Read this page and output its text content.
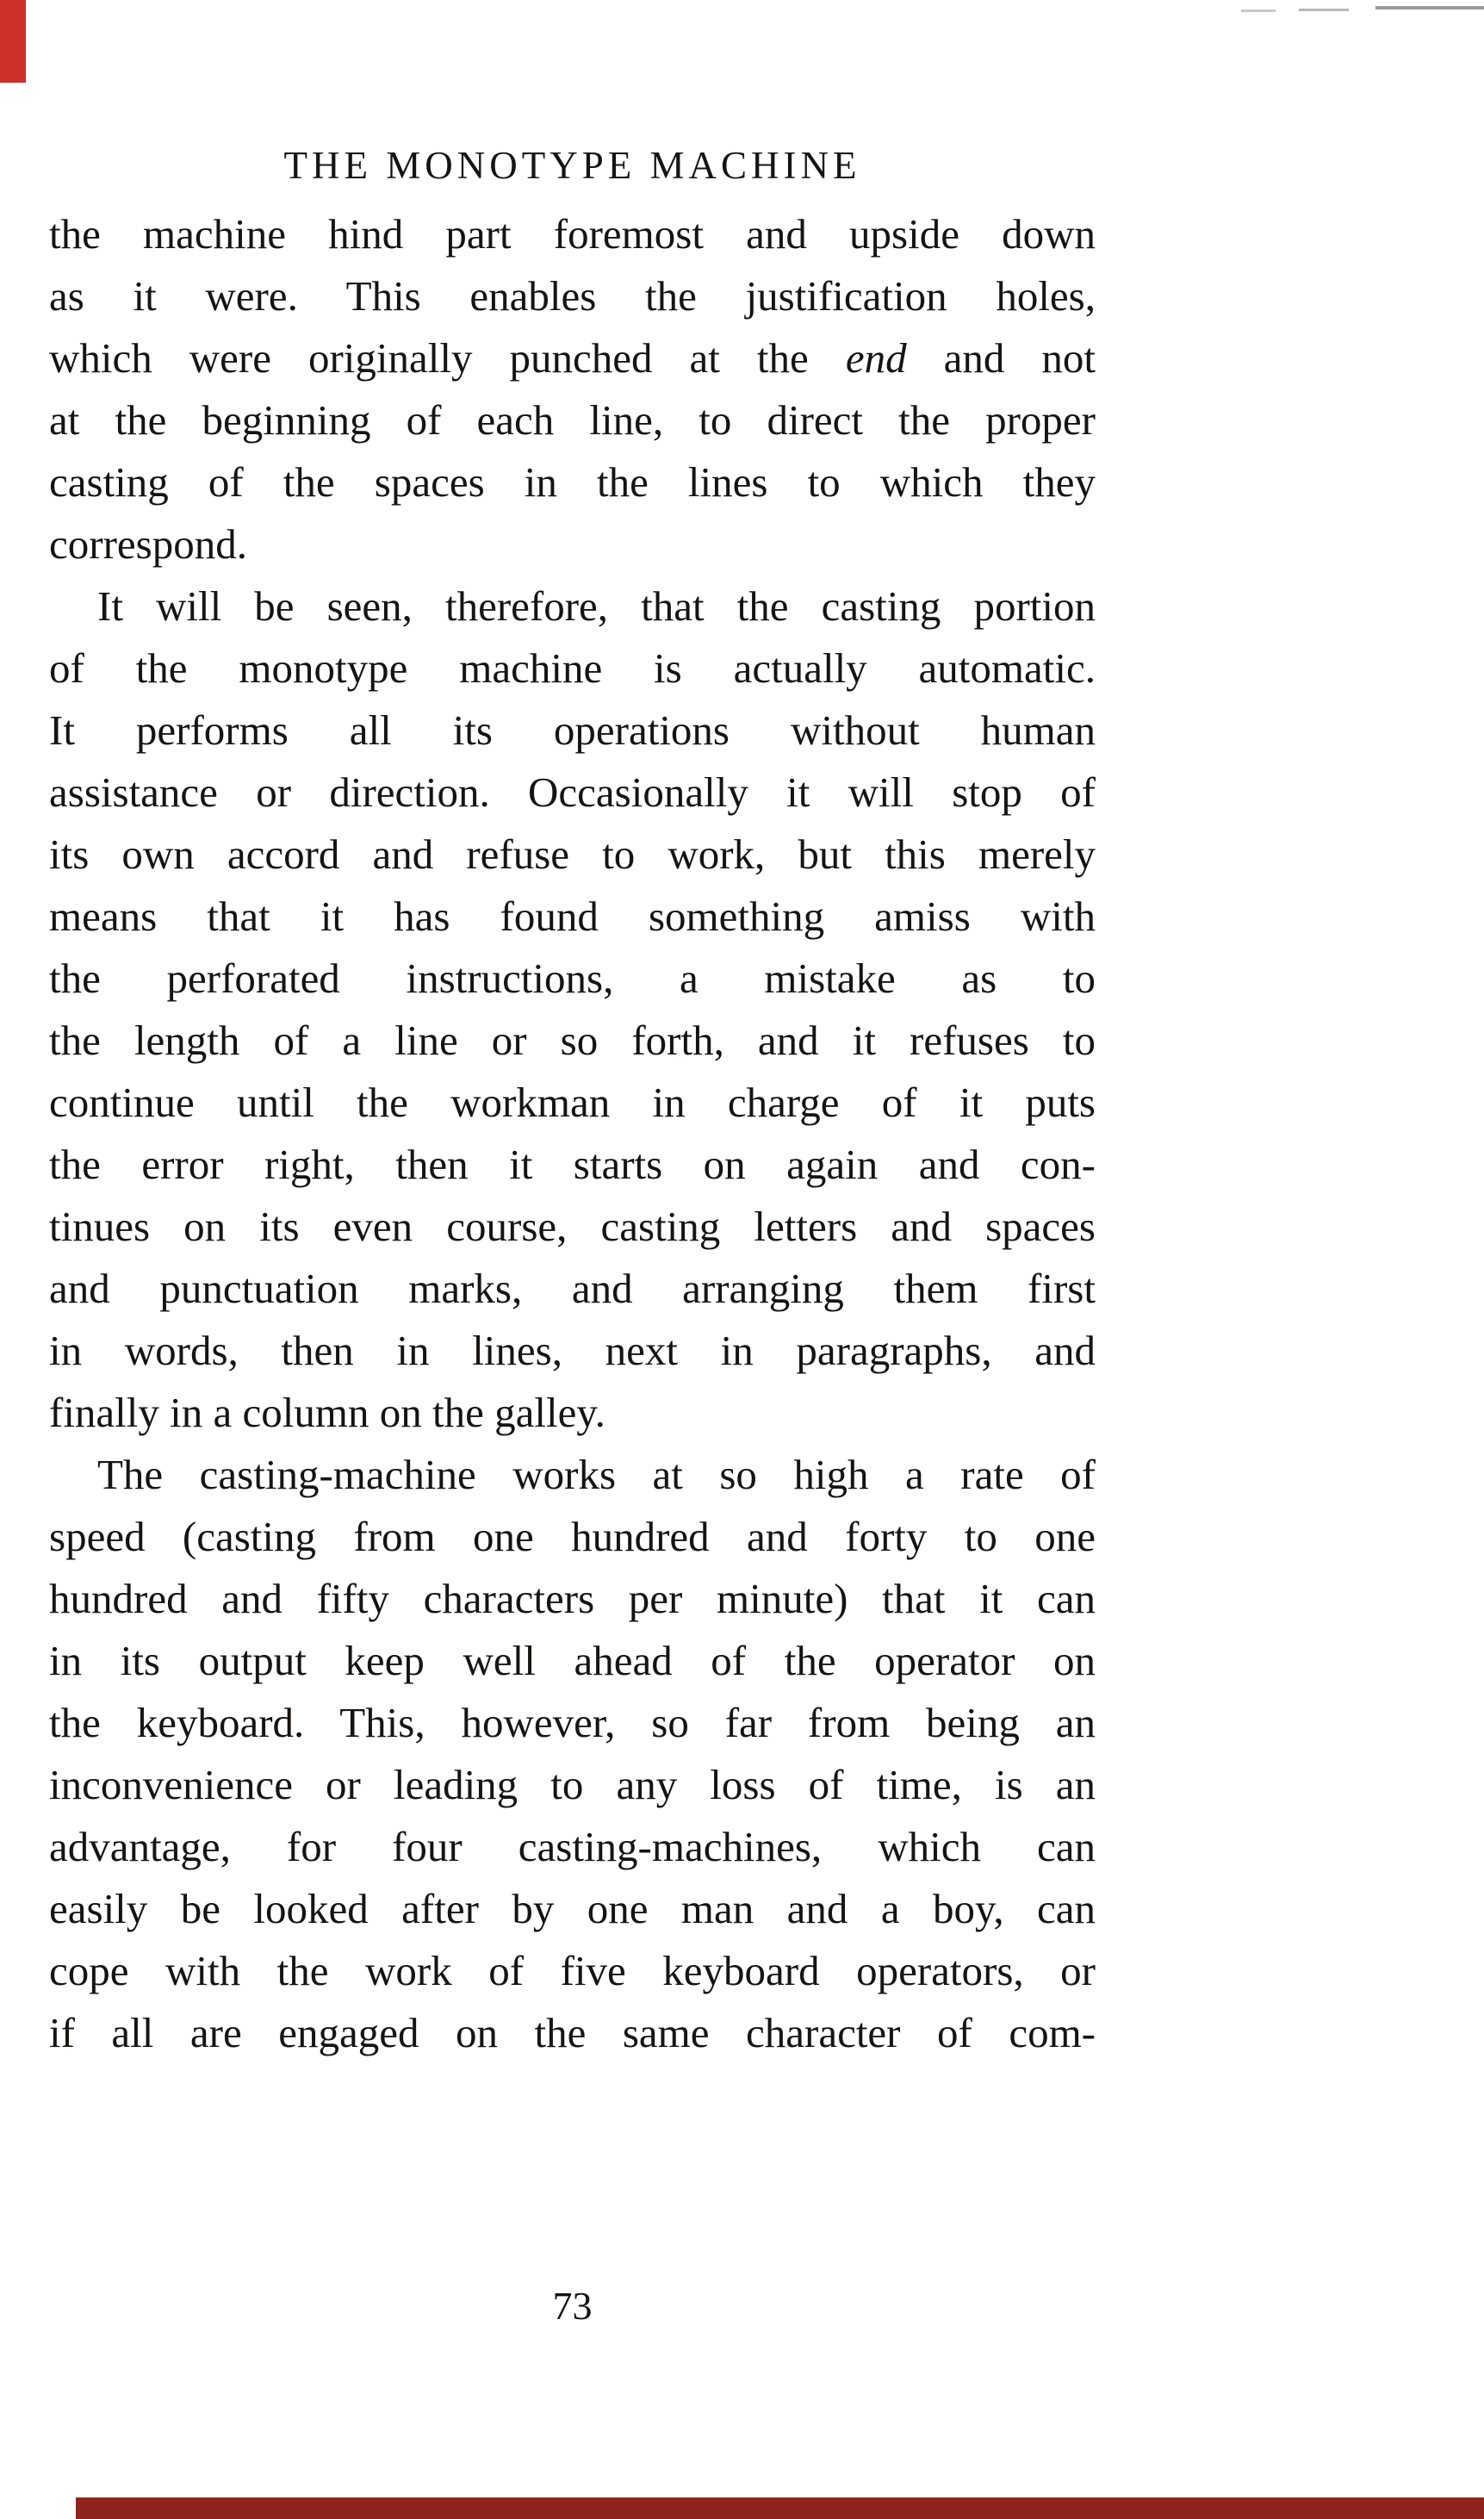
THE MONOTYPE MACHINE
the machine hind part foremost and upside down
as it were. This enables the justification holes,
which were originally punched at the end and not
at the beginning of each line, to direct the proper
casting of the spaces in the lines to which they
correspond.
It will be seen, therefore, that the casting portion
of the monotype machine is actually automatic.
It performs all its operations without human
assistance or direction. Occasionally it will stop of
its own accord and refuse to work, but this merely
means that it has found something amiss with
the perforated instructions, a mistake as to
the length of a line or so forth, and it refuses to
continue until the workman in charge of it puts
the error right, then it starts on again and con-
tinues on its even course, casting letters and spaces
and punctuation marks, and arranging them first
in words, then in lines, next in paragraphs, and
finally in a column on the galley.
The casting-machine works at so high a rate of
speed (casting from one hundred and forty to one
hundred and fifty characters per minute) that it can
in its output keep well ahead of the operator on
the keyboard. This, however, so far from being an
inconvenience or leading to any loss of time, is an
advantage, for four casting-machines, which can
easily be looked after by one man and a boy, can
cope with the work of five keyboard operators, or
if all are engaged on the same character of com-
73
